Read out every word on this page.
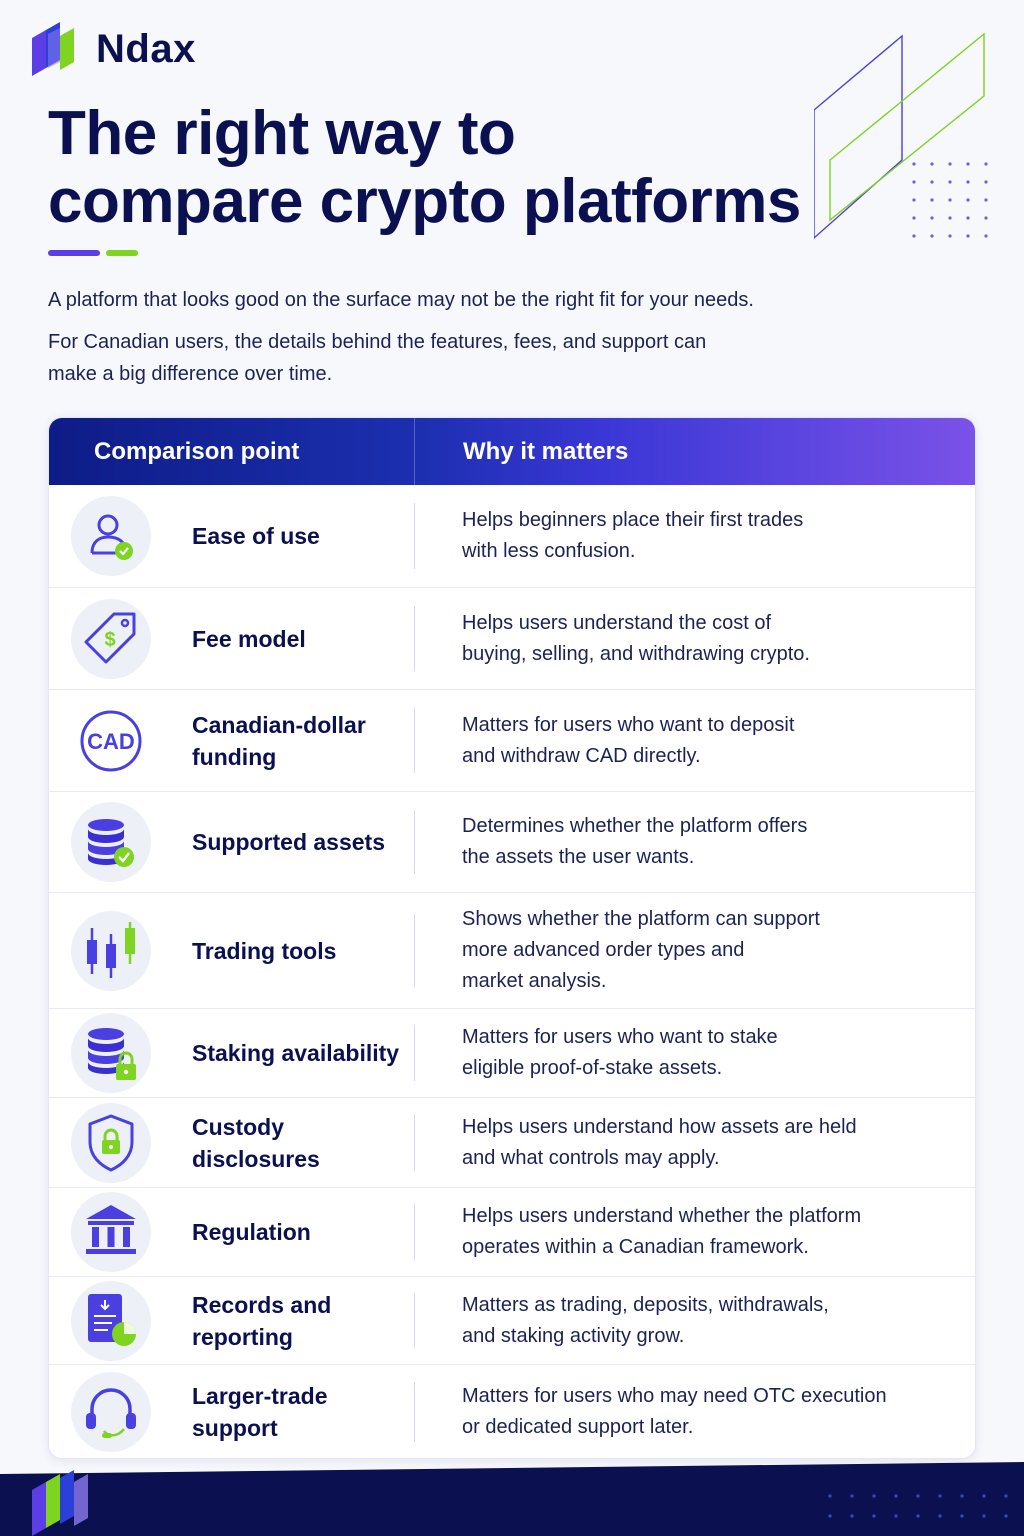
Ndax
The right way to
compare crypto platforms

A platform that looks good on the surface may not be the right fit for your needs.

For Canadian users, the details behind the features, fees, and support can make a big difference over time.

Comparison point	Why it matters
Ease of use
Helps beginners place their first trades
with less confusion.
$	Fee model
Helps users understand the cost of
buying, selling, and withdrawing crypto.
CAD
Canadian-dollar funding
Matters for users who want to deposit
and withdraw CAD directly.
Supported assets
Determines whether the platform offers
the assets the user wants.
Trading tools
Shows whether the platform can support
more advanced order types and
market analysis.
Staking availability
Matters for users who want to stake
eligible proof-of-stake assets.
Custody disclosures
Helps users understand how assets are held
and what controls may apply.
Regulation
Helps users understand whether the platform
operates within a Canadian framework.
Records and reporting
Matters as trading, deposits, withdrawals,
and staking activity grow.
Larger-trade support
Matters for users who may need OTC execution
or dedicated support later.
